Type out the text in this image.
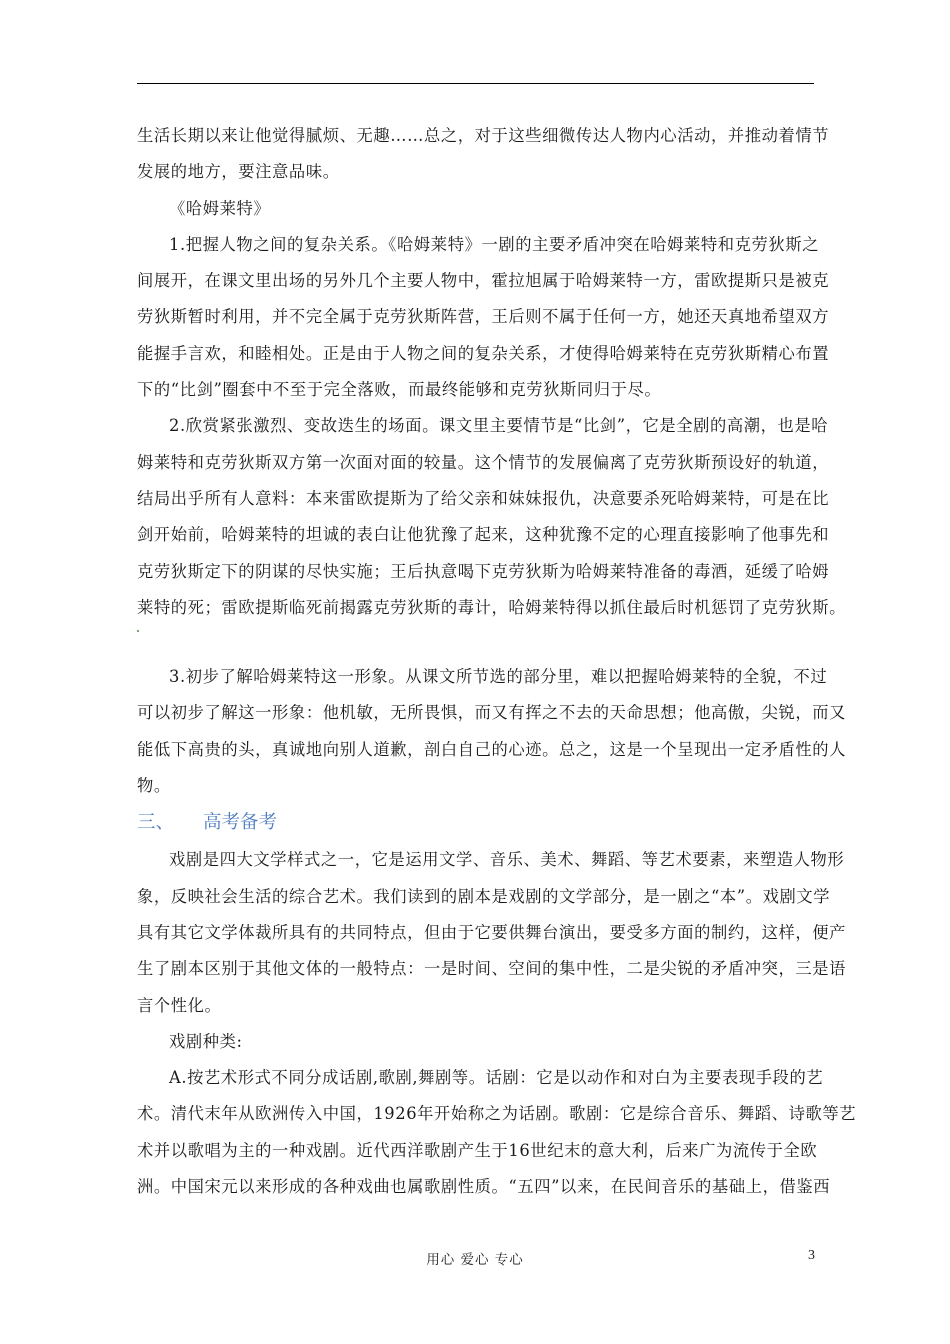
生活长期以来让他觉得腻烦、无趣……总之，对于这些细微传达人物内心活动，并推动着情节
发展的地方，要注意品味。
《哈姆莱特》
1.把握人物之间的复杂关系。《哈姆莱特》一剧的主要矛盾冲突在哈姆莱特和克劳狄斯之
间展开，在课文里出场的另外几个主要人物中，霍拉旭属于哈姆莱特一方，雷欧提斯只是被克
劳狄斯暂时利用，并不完全属于克劳狄斯阵营，王后则不属于任何一方，她还天真地希望双方
能握手言欢，和睦相处。正是由于人物之间的复杂关系，才使得哈姆莱特在克劳狄斯精心布置
下的“比剑”圈套中不至于完全落败，而最终能够和克劳狄斯同归于尽。
2.欣赏紧张激烈、变故迭生的场面。课文里主要情节是“比剑”，它是全剧的高潮，也是哈
姆莱特和克劳狄斯双方第一次面对面的较量。这个情节的发展偏离了克劳狄斯预设好的轨道，
结局出乎所有人意料：本来雷欧提斯为了给父亲和妹妹报仇，决意要杀死哈姆莱特，可是在比
剑开始前，哈姆莱特的坦诚的表白让他犹豫了起来，这种犹豫不定的心理直接影响了他事先和
克劳狄斯定下的阴谋的尽快实施；王后执意喝下克劳狄斯为哈姆莱特准备的毒酒，延缓了哈姆
莱特的死；雷欧提斯临死前揭露克劳狄斯的毒计，哈姆莱特得以抓住最后时机惩罚了克劳狄斯。
3.初步了解哈姆莱特这一形象。从课文所节选的部分里，难以把握哈姆莱特的全貌，不过
可以初步了解这一形象：他机敏，无所畏惧，而又有挥之不去的天命思想；他高傲，尖锐，而又
能低下高贵的头，真诚地向别人道歉，剖白自己的心迹。总之，这是一个呈现出一定矛盾性的人
物。
三、 高考备考
戏剧是四大文学样式之一，它是运用文学、音乐、美术、舞蹈、等艺术要素，来塑造人物形
象，反映社会生活的综合艺术。我们读到的剧本是戏剧的文学部分，是一剧之“本”。戏剧文学
具有其它文学体裁所具有的共同特点，但由于它要供舞台演出，要受多方面的制约，这样，便产
生了剧本区别于其他文体的一般特点：一是时间、空间的集中性，二是尖锐的矛盾冲突，三是语
言个性化。
戏剧种类:
A.按艺术形式不同分成话剧,歌剧,舞剧等。话剧：它是以动作和对白为主要表现手段的艺
术。清代末年从欧洲传入中国，1926年开始称之为话剧。歌剧：它是综合音乐、舞蹈、诗歌等艺
术并以歌唱为主的一种戏剧。近代西洋歌剧产生于16世纪末的意大利，后来广为流传于全欧
洲。中国宋元以来形成的各种戏曲也属歌剧性质。“五四”以来，在民间音乐的基础上，借鉴西
用心 爱心 专心	3
